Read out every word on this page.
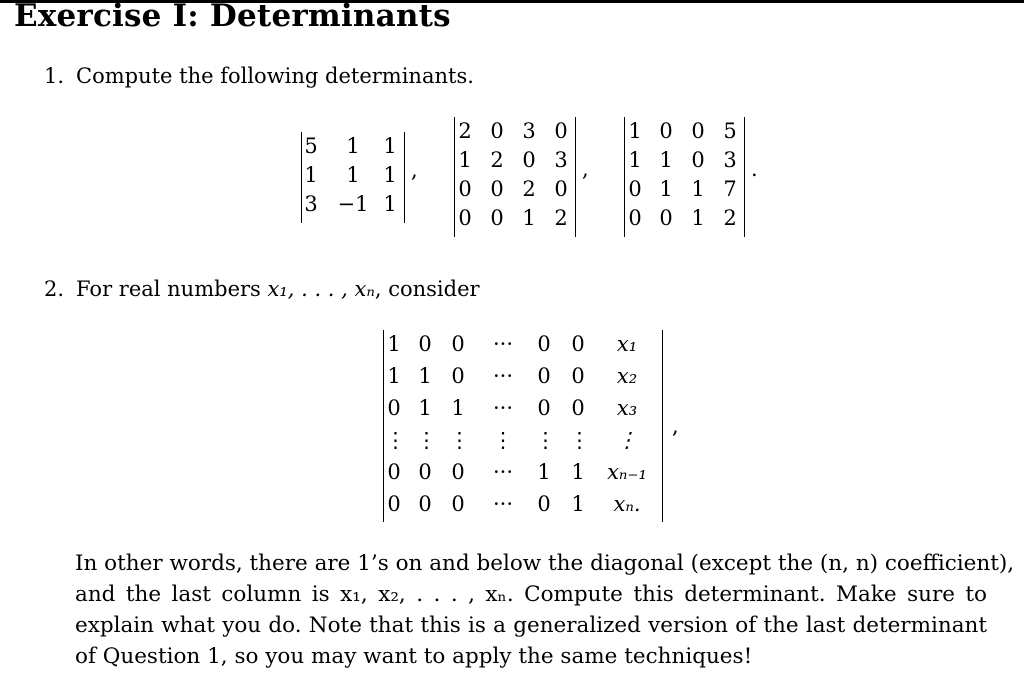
Exercise I: Determinants
1. Compute the following determinants.
5	1	1
1	1	1
3 −1 1
,
2 0 3 0
1 2 0 3
0 0 2 0
0 0 1 2
,
1 0 0 5
1 1 0 3
0 1 1 7
0 0 1 2
.
2. For real numbers x₁, . . . , xₙ, consider
1 0 0	···	0 0	x₁
1 1 0	···	0 0	x₂
0 1 1	···	0 0	x₃
⋮ ⋮ ⋮	⋮	⋮ ⋮	⋮
0 0 0	···	1 1	xₙ₋₁
0 0 0	···	0 1	xₙ.
,
In other words, there are 1’s on and below the diagonal (except the (n, n) coefficient),
and the last column is x₁, x₂, . . . , xₙ. Compute this determinant. Make sure to
explain what you do. Note that this is a generalized version of the last determinant
of Question 1, so you may want to apply the same techniques!
